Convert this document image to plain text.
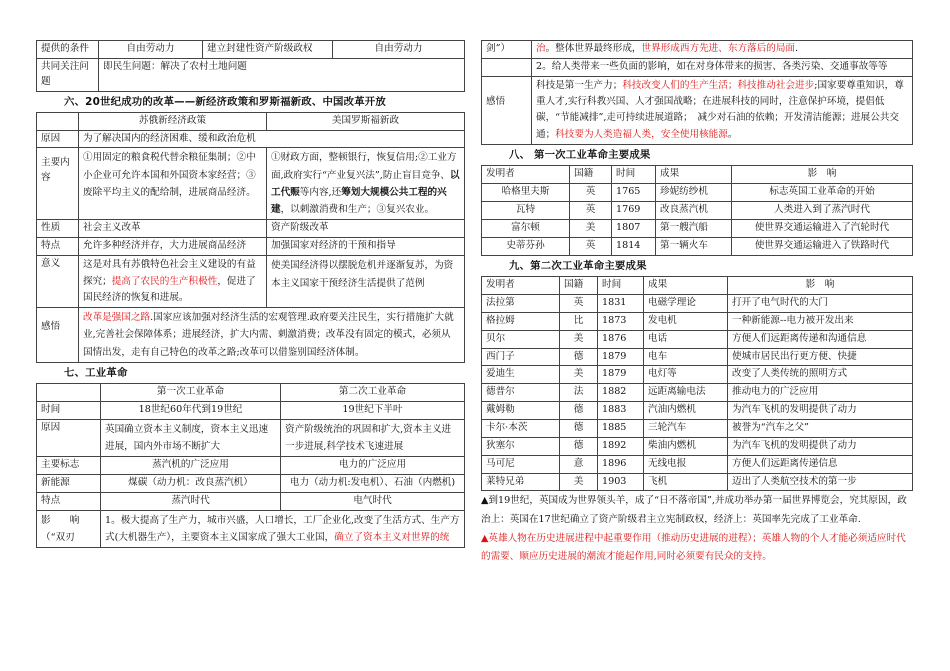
提供的条件	自由劳动力	建立封建性资产阶级政权	自由劳动力
共同关注问题	即民生问题：解决了农村土地问题		
六、20世纪成功的改革——新经济政策和罗斯福新政、中国改革开放
	苏俄新经济政策	美国罗斯福新政
原因	为了解决国内的经济困难、缓和政治危机	
主要内容	①用固定的粮食税代替余粮征集制；②中小企业可允许本国和外国资本家经营；③废除平均主义的配给制，进展商品经济。	①财政方面，整顿银行，恢复信用;②工业方面,政府实行“产业复兴法”,防止盲目竞争、以工代赈等内容,还筹划大规模公共工程的兴建，以刺激消费和生产；③复兴农业。
性质	社会主义改革	资产阶级改革
特点	允许多种经济并存，大力进展商品经济	加强国家对经济的干预和指导
意义	这是对具有苏俄特色社会主义建设的有益探究；提高了农民的生产积极性，促进了国民经济的恢复和进展。	使美国经济得以摆脱危机并逐渐复苏，为资本主义国家干预经济生活提供了范例
感悟	改革是强国之路.国家应该加强对经济生活的宏观管理.政府要关注民生，实行措施扩大就业,完善社会保障体系；进展经济，扩大内需、刺激消费；改革没有固定的模式，必须从国情出发，走有自己特色的改革之路;改革可以借鉴别国经济体制。	
七、工业革命
	第一次工业革命	第二次工业革命
时间	18世纪60年代到19世纪	19世纪下半叶
原因	英国确立资本主义制度，资本主义迅速进展，国内外市场不断扩大	资产阶级统治的巩固和扩大,资本主义进一步进展,科学技术飞速进展
主要标志	蒸汽机的广泛应用	电力的广泛应用
新能源	煤碳（动力机：改良蒸汽机）	电力（动力机:发电机）、石油（内燃机)
特点	蒸汽时代	电气时代
影　　响（“双刃	1。极大提高了生产力，城市兴盛，人口增长，工厂企业化,改变了生活方式、生产方式(大机器生产），主要资本主义国家成了强大工业国，确立了资本主义对世界的统	
剑”）	治。整体世界最终形成，世界形成西方先进、东方落后的局面.
	2。给人类带来一些负面的影响，如在对身体带来的损害、各类污染、交通事故等等
感悟	科技是第一生产力；科技改变人们的生产生活；科技推动社会进步;国家要尊重知识，尊重人才,实行科教兴国、人才强国战略；在进展科技的同时，注意保护环境，提倡低碳，“节能减排”,走可持续进展道路；　减少对石油的依赖；开发清洁能源；进展公共交通；科技要为人类造福人类，安全使用核能源。
八、 第一次工业革命主要成果
发明者	国籍	时间	成果	影　响
哈格里夫斯	英	1765	珍妮纺纱机	标志英国工业革命的开始
瓦特	英	1769	改良蒸汽机	人类进入到了蒸汽时代
富尔顿	美	1807	第一艘汽船	使世界交通运输进入了汽轮时代
史蒂芬孙	英	1814	第一辆火车	使世界交通运输进入了铁路时代
九、第二次工业革命主要成果
发明者	国籍	时间	成果	影　响
法拉第	英	1831	电磁学理论	打开了电气时代的大门
格拉姆	比	1873	发电机	一种新能源--电力被开发出来
贝尔	美	1876	电话	方便人们远距离传递和沟通信息
西门子	德	1879	电车	使城市居民出行更方便、快捷
爱迪生	美	1879	电灯等	改变了人类传统的照明方式
德普尔	法	1882	远距离输电法	推动电力的广泛应用
戴姆勒	德	1883	汽油内燃机	为汽车飞机的发明提供了动力
卡尔·本茨	德	1885	三轮汽车	被誉为“汽车之父”
狄塞尔	德	1892	柴油内燃机	为汽车飞机的发明提供了动力
马可尼	意	1896	无线电报	方便人们远距离传递信息
莱特兄弟	美	1903	飞机	迈出了人类航空技术的第一步

▲到19世纪，英国成为世界领头羊，成了“日不落帝国”,并成功举办第一届世界博览会，究其原因，政治上：英国在17世纪确立了资产阶级君主立宪制政权，经济上：英国率先完成了工业革命.

▲英雄人物在历史进展进程中起重要作用（推动历史进展的进程）；英雄人物的个人才能必须适应时代的需要、顺应历史进展的潮流才能起作用,同时必须要有民众的支持。
